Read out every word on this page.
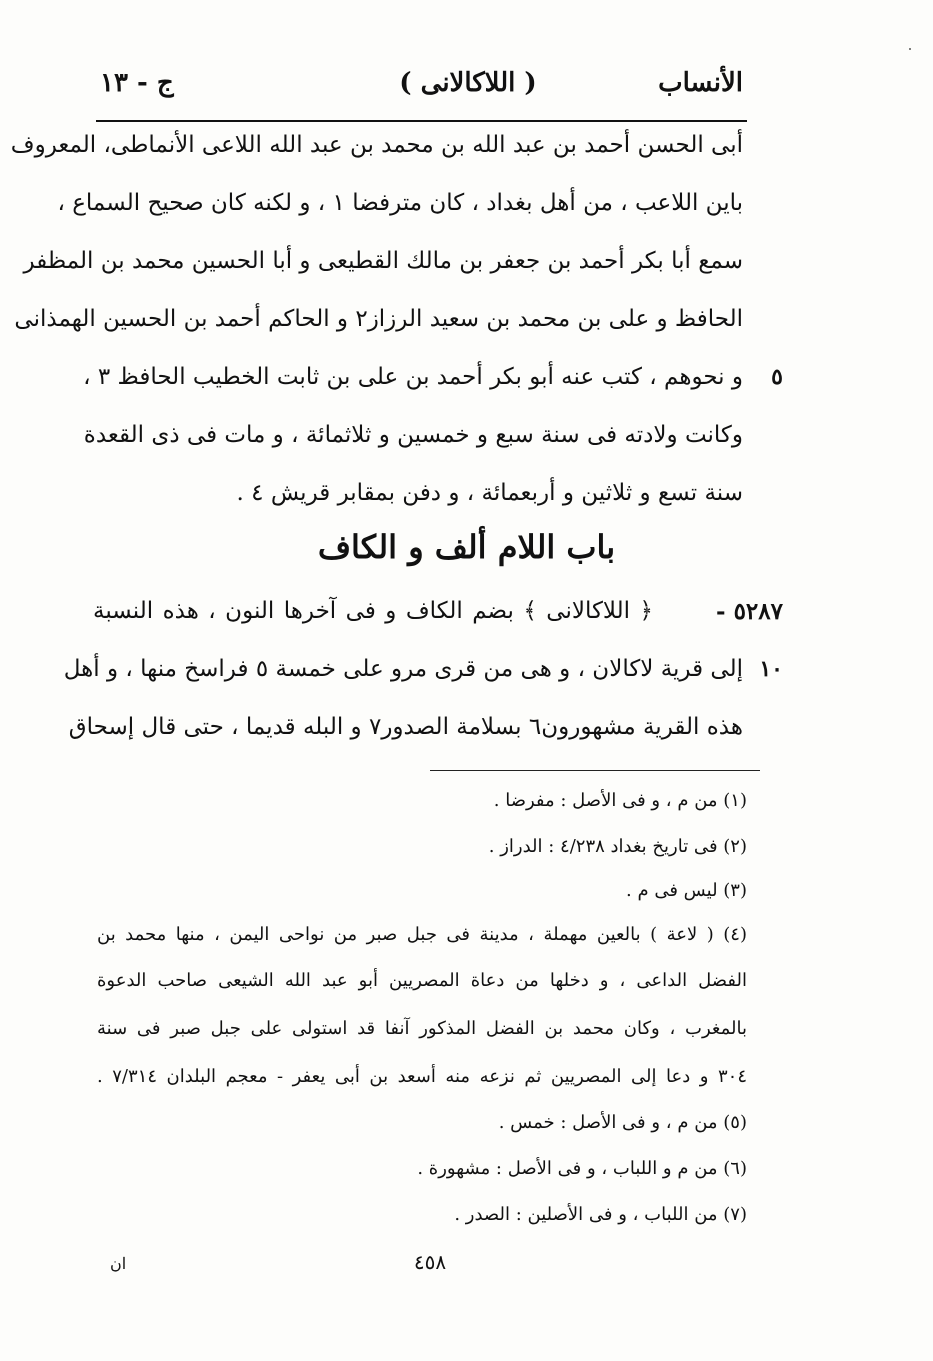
الأنساب
( اللاكالانى )
ج - ١٣
أبى الحسن أحمد بن عبد الله بن محمد بن عبد الله اللاعى الأنماطى، المعروف
باين اللاعب ، من أهل بغداد ، كان مترفضا ١ ، و لكنه كان صحيح السماع ،
سمع أبا بكر أحمد بن جعفر بن مالك القطيعى و أبا الحسين محمد بن المظفر
الحافظ و على بن محمد بن سعيد الرزاز٢ و الحاكم أحمد بن الحسين الهمذانى
٥
و نحوهم ، كتب عنه أبو بكر أحمد بن على بن ثابت الخطيب الحافظ ٣ ،
وكانت ولادته فى سنة سبع و خمسين و ثلاثمائة ، و مات فى ذى القعدة
سنة تسع و ثلاثين و أربعمائة ، و دفن بمقابر قريش ٤ .
باب اللام ألف و الكاف
﴿ اللاكالانى ﴾ بضم الكاف و فى آخرها النون ، هذه النسبة	٥٢٨٧ -
١٠
إلى قرية لاكالان ، و هى من قرى مرو على خمسة ٥ فراسخ منها ، و أهل
هذه القرية مشهورون٦ بسلامة الصدور٧ و البله قديما ، حتى قال إسحاق
(١) من م ، و فى الأصل : مفرضا .
(٢) فى تاريخ بغداد ٤/٢٣٨ : الدراز .
(٣) ليس فى م .
(٤) ( لاعة ) بالعين مهملة ، مدينة فى جبل صبر من نواحى اليمن ، منها محمد بن
الفضل الداعى ، و دخلها من دعاة المصريين أبو عبد الله الشيعى صاحب الدعوة
بالمغرب ، وكان محمد بن الفضل المذكور آنفا قد استولى على جبل صبر فى سنة
٣٠٤ و دعا إلى المصريين ثم نزعه منه أسعد بن أبى يعفر - معجم البلدان ٧/٣١٤ .
(٥) من م ، و فى الأصل : خمس .
(٦) من م و اللباب ، و فى الأصل : مشهورة .
(٧) من اللباب ، و فى الأصلين : الصدر .
٤٥٨
ان
